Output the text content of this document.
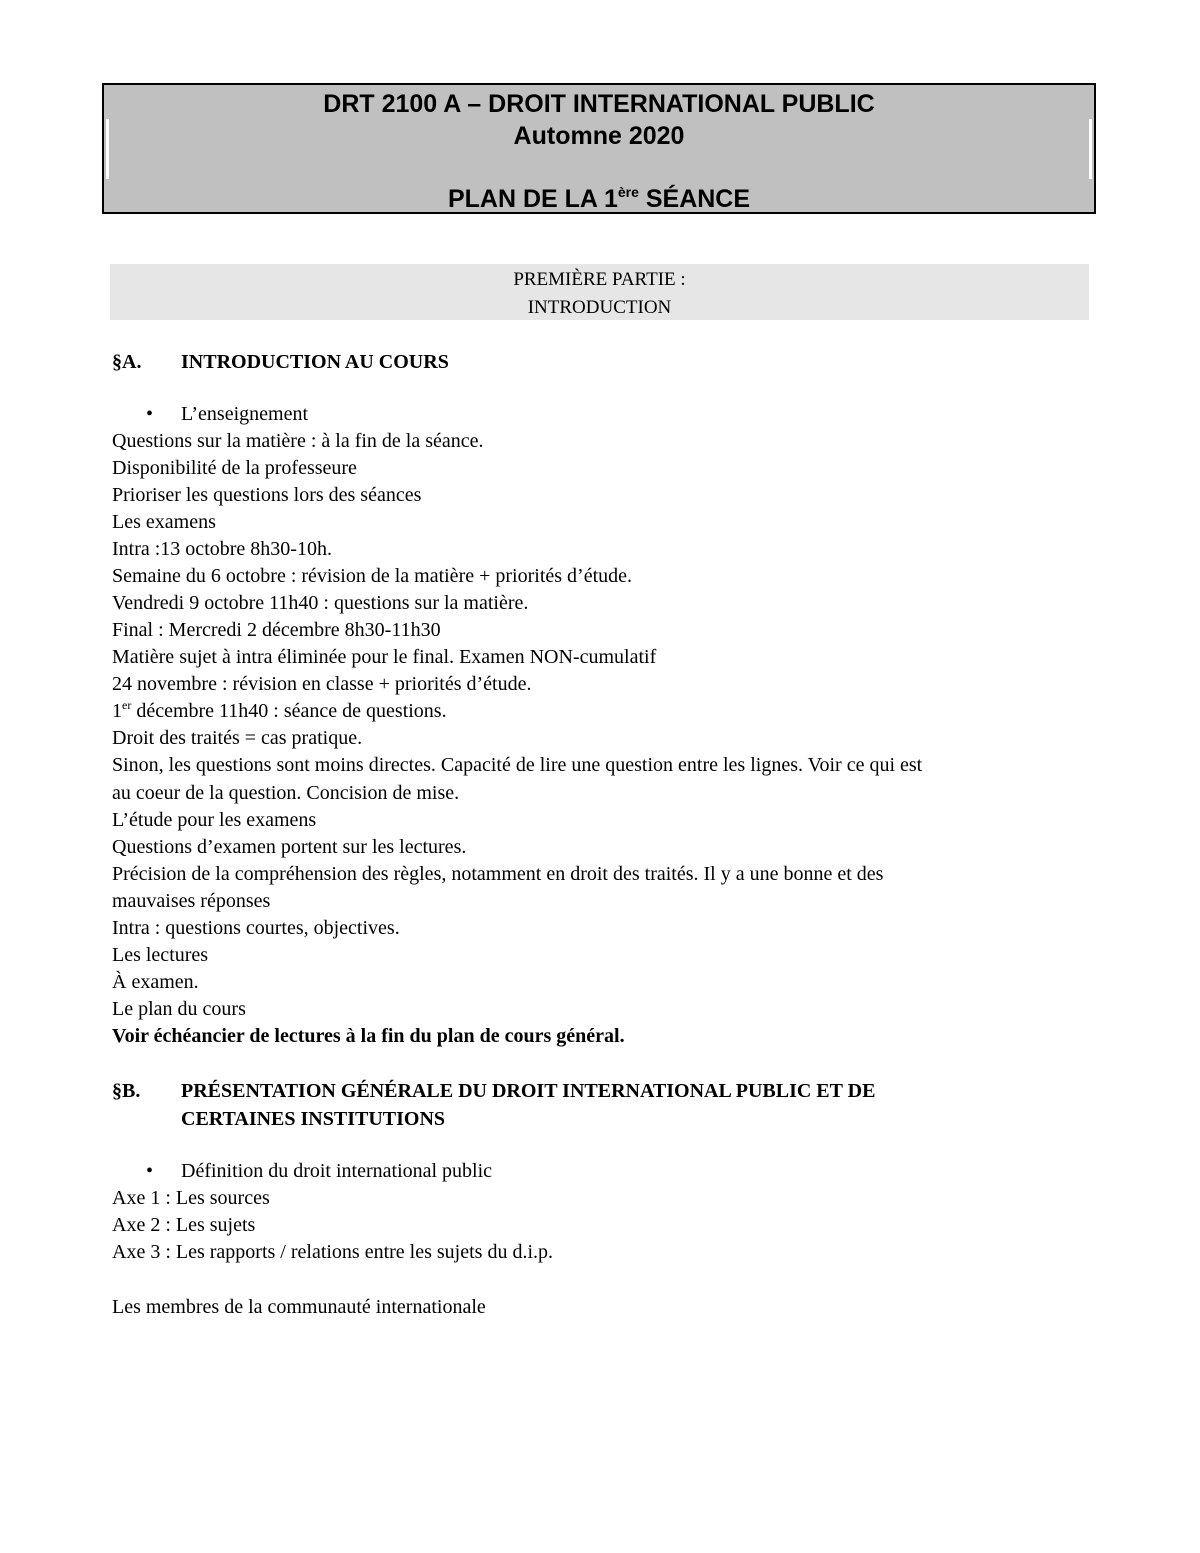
DRT 2100 A – DROIT INTERNATIONAL PUBLIC
Automne 2020
PLAN DE LA 1ère SÉANCE
PREMIÈRE PARTIE :
INTRODUCTION
§A. INTRODUCTION AU COURS
• L’enseignement
Questions sur la matière : à la fin de la séance.
Disponibilité de la professeure
Prioriser les questions lors des séances
Les examens
Intra :13 octobre 8h30-10h.
Semaine du 6 octobre : révision de la matière + priorités d’étude.
Vendredi 9 octobre 11h40 : questions sur la matière.
Final : Mercredi 2 décembre 8h30-11h30
Matière sujet à intra éliminée pour le final. Examen NON-cumulatif
24 novembre : révision en classe + priorités d’étude.
1er décembre 11h40 : séance de questions.
Droit des traités = cas pratique.
Sinon, les questions sont moins directes. Capacité de lire une question entre les lignes. Voir ce qui est
au coeur de la question. Concision de mise.
L’étude pour les examens
Questions d’examen portent sur les lectures.
Précision de la compréhension des règles, notamment en droit des traités. Il y a une bonne et des
mauvaises réponses
Intra : questions courtes, objectives.
Les lectures
À examen.
Le plan du cours
Voir échéancier de lectures à la fin du plan de cours général.
§B. PRÉSENTATION GÉNÉRALE DU DROIT INTERNATIONAL PUBLIC ET DE
CERTAINES INSTITUTIONS
• Définition du droit international public
Axe 1 : Les sources
Axe 2 : Les sujets
Axe 3 : Les rapports / relations entre les sujets du d.i.p.
Les membres de la communauté internationale
